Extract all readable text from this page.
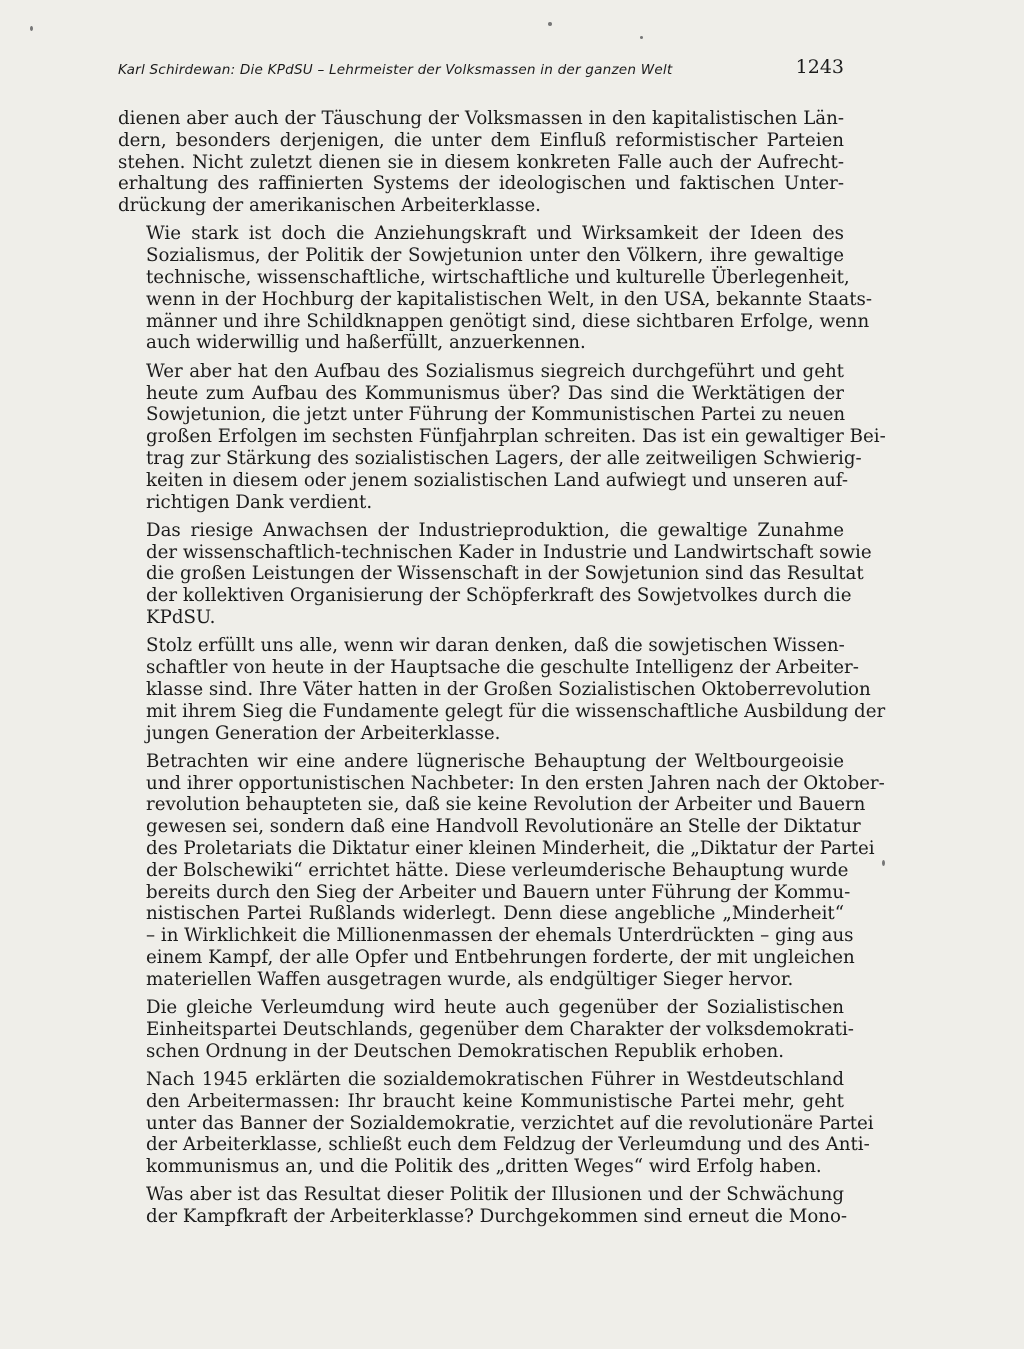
Karl Schirdewan: Die KPdSU – Lehrmeister der Volksmassen in der ganzen Welt	1243
dienen aber auch der Täuschung der Volksmassen in den kapitalistischen Län-
dern, besonders derjenigen, die unter dem Einfluß reformistischer Parteien
stehen. Nicht zuletzt dienen sie in diesem konkreten Falle auch der Aufrecht-
erhaltung des raffinierten Systems der ideologischen und faktischen Unter-
drückung der amerikanischen Arbeiterklasse.
Wie stark ist doch die Anziehungskraft und Wirksamkeit der Ideen des
Sozialismus, der Politik der Sowjetunion unter den Völkern, ihre gewaltige
technische, wissenschaftliche, wirtschaftliche und kulturelle Überlegenheit,
wenn in der Hochburg der kapitalistischen Welt, in den USA, bekannte Staats-
männer und ihre Schildknappen genötigt sind, diese sichtbaren Erfolge, wenn
auch widerwillig und haßerfüllt, anzuerkennen.
Wer aber hat den Aufbau des Sozialismus siegreich durchgeführt und geht
heute zum Aufbau des Kommunismus über? Das sind die Werktätigen der
Sowjetunion, die jetzt unter Führung der Kommunistischen Partei zu neuen
großen Erfolgen im sechsten Fünfjahrplan schreiten. Das ist ein gewaltiger Bei-
trag zur Stärkung des sozialistischen Lagers, der alle zeitweiligen Schwierig-
keiten in diesem oder jenem sozialistischen Land aufwiegt und unseren auf-
richtigen Dank verdient.
Das riesige Anwachsen der Industrieproduktion, die gewaltige Zunahme
der wissenschaftlich-technischen Kader in Industrie und Landwirtschaft sowie
die großen Leistungen der Wissenschaft in der Sowjetunion sind das Resultat
der kollektiven Organisierung der Schöpferkraft des Sowjetvolkes durch die
KPdSU.
Stolz erfüllt uns alle, wenn wir daran denken, daß die sowjetischen Wissen-
schaftler von heute in der Hauptsache die geschulte Intelligenz der Arbeiter-
klasse sind. Ihre Väter hatten in der Großen Sozialistischen Oktoberrevolution
mit ihrem Sieg die Fundamente gelegt für die wissenschaftliche Ausbildung der
jungen Generation der Arbeiterklasse.
Betrachten wir eine andere lügnerische Behauptung der Weltbourgeoisie
und ihrer opportunistischen Nachbeter: In den ersten Jahren nach der Oktober-
revolution behaupteten sie, daß sie keine Revolution der Arbeiter und Bauern
gewesen sei, sondern daß eine Handvoll Revolutionäre an Stelle der Diktatur
des Proletariats die Diktatur einer kleinen Minderheit, die „Diktatur der Partei
der Bolschewiki“ errichtet hätte. Diese verleumderische Behauptung wurde
bereits durch den Sieg der Arbeiter und Bauern unter Führung der Kommu-
nistischen Partei Rußlands widerlegt. Denn diese angebliche „Minderheit“
– in Wirklichkeit die Millionenmassen der ehemals Unterdrückten – ging aus
einem Kampf, der alle Opfer und Entbehrungen forderte, der mit ungleichen
materiellen Waffen ausgetragen wurde, als endgültiger Sieger hervor.
Die gleiche Verleumdung wird heute auch gegenüber der Sozialistischen
Einheitspartei Deutschlands, gegenüber dem Charakter der volksdemokrati-
schen Ordnung in der Deutschen Demokratischen Republik erhoben.
Nach 1945 erklärten die sozialdemokratischen Führer in Westdeutschland
den Arbeitermassen: Ihr braucht keine Kommunistische Partei mehr, geht
unter das Banner der Sozialdemokratie, verzichtet auf die revolutionäre Partei
der Arbeiterklasse, schließt euch dem Feldzug der Verleumdung und des Anti-
kommunismus an, und die Politik des „dritten Weges“ wird Erfolg haben.
Was aber ist das Resultat dieser Politik der Illusionen und der Schwächung
der Kampfkraft der Arbeiterklasse? Durchgekommen sind erneut die Mono-
